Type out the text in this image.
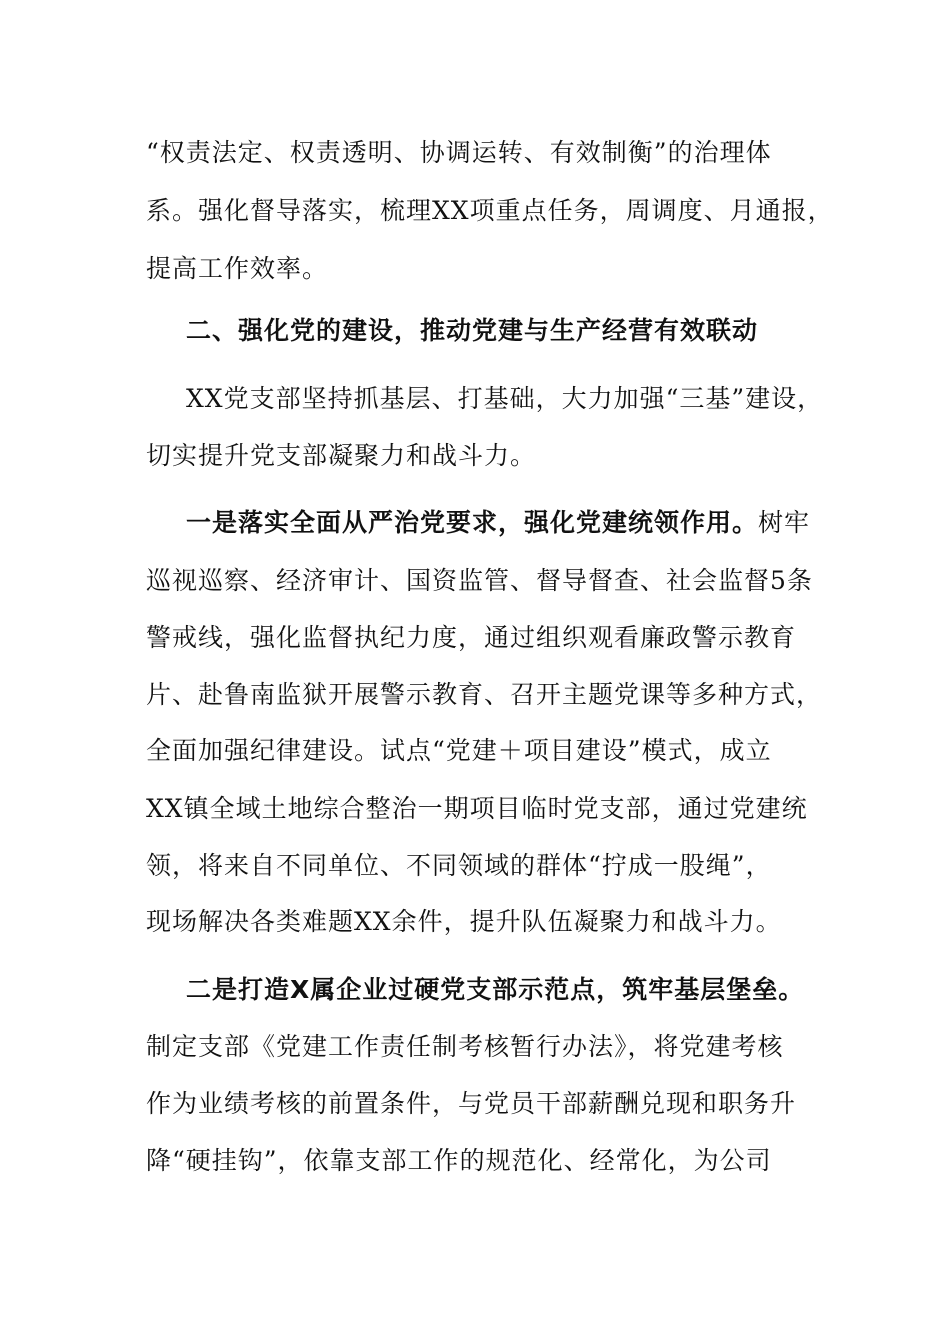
“权责法定、权责透明、协调运转、有效制衡”的治理体
系。强化督导落实，梳理XX项重点任务，周调度、月通报，
提高工作效率。
二、强化党的建设，推动党建与生产经营有效联动
XX党支部坚持抓基层、打基础，大力加强“三基”建设，
切实提升党支部凝聚力和战斗力。
一是落实全面从严治党要求，强化党建统领作用。树牢
巡视巡察、经济审计、国资监管、督导督查、社会监督5条
警戒线，强化监督执纪力度，通过组织观看廉政警示教育
片、赴鲁南监狱开展警示教育、召开主题党课等多种方式，
全面加强纪律建设。试点“党建＋项目建设”模式，成立
XX镇全域土地综合整治一期项目临时党支部，通过党建统
领，将来自不同单位、不同领域的群体“拧成一股绳”，
现场解决各类难题XX余件，提升队伍凝聚力和战斗力。
二是打造X属企业过硬党支部示范点，筑牢基层堡垒。
制定支部《党建工作责任制考核暂行办法》，将党建考核
作为业绩考核的前置条件，与党员干部薪酬兑现和职务升
降“硬挂钩”，依靠支部工作的规范化、经常化，为公司
